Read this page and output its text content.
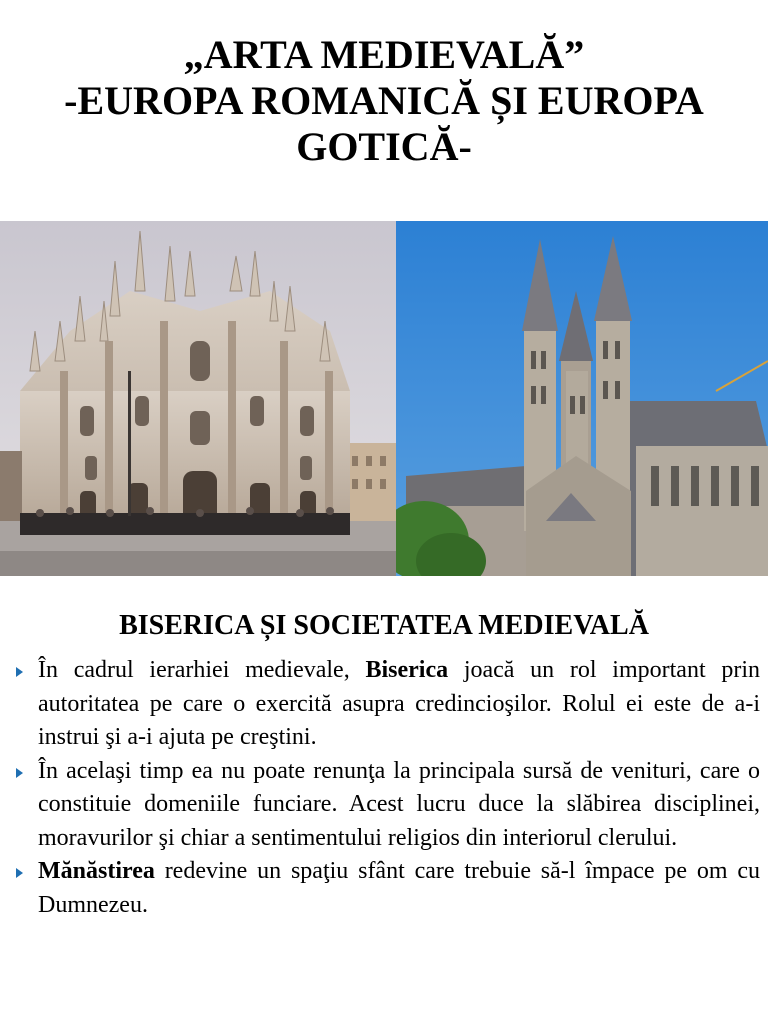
„ARTA MEDIEVALĂ”
-EUROPA ROMANICĂ ȘI EUROPA
GOTICĂ-
BISERICA ȘI SOCIETATEA MEDIEVALĂ
În cadrul ierarhiei medievale, Biserica joacă un rol important prin autoritatea pe care o exercită asupra credincioşilor. Rolul ei este de a-i instrui şi a-i ajuta pe creştini.
În acelaşi timp ea nu poate renunţa la principala sursă de venituri, care o constituie domeniile funciare. Acest lucru duce la slăbirea disciplinei, moravurilor şi chiar a sentimentului religios din interiorul clerului.
Mănăstirea redevine un spaţiu sfânt care trebuie să-l împace pe om cu Dumnezeu.
